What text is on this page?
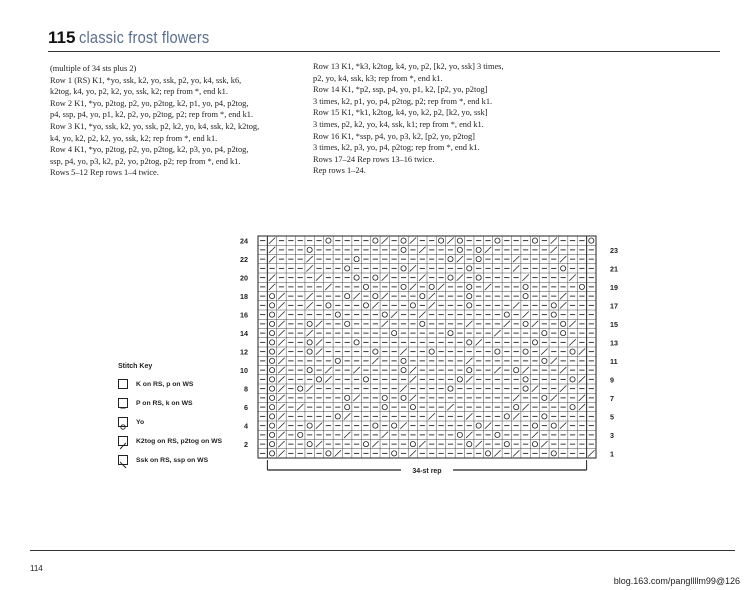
115 classic frost flowers

(multiple of 34 sts plus 2)

Row 1 (RS) K1, *yo, ssk, k2, yo, ssk, p2, yo, k4, ssk, k6,

k2tog, k4, yo, p2, k2, yo, ssk, k2; rep from *, end k1.

Row 2 K1, *yo, p2tog, p2, yo, p2tog, k2, p1, yo, p4, p2tog,

p4, ssp, p4, yo, p1, k2, p2, yo, p2tog, p2; rep from *, end k1.

Row 3 K1, *yo, ssk, k2, yo, ssk, p2, k2, yo, k4, ssk, k2, k2tog,

k4, yo, k2, p2, k2, yo, ssk, k2; rep from *, end k1.

Row 4 K1, *yo, p2tog, p2, yo, p2tog, k2, p3, yo, p4, p2tog,

ssp, p4, yo, p3, k2, p2, yo, p2tog, p2; rep from *, end k1.

Rows 5–12 Rep rows 1–4 twice.

Row 13 K1, *k3, k2tog, k4, yo, p2, [k2, yo, ssk] 3 times,

p2, yo, k4, ssk, k3; rep from *, end k1.

Row 14 K1, *p2, ssp, p4, yo, p1, k2, [p2, yo, p2tog]

3 times, k2, p1, yo, p4, p2tog, p2; rep from *, end k1.

Row 15 K1, *k1, k2tog, k4, yo, k2, p2, [k2, yo, ssk]

3 times, p2, k2, yo, k4, ssk, k1; rep from *, end k1.

Row 16 K1, *ssp, p4, yo, p3, k2, [p2, yo, p2tog]

3 times, k2, p3, yo, p4, p2tog; rep from *, end k1.

Rows 17–24 Rep rows 13–16 twice.

Rep rows 1–24.

Stitch Key
K on RS, p on WS
P on RS, k on WS
Yo
K2tog on RS, p2tog on WS
Ssk on RS, ssp on WS
24
22
20
18
16
14
12
10
8
6
4
2
23
21
19
17
15
13
11
9
7
5
3
1
34-st rep
114
blog.163.com/pangllllm99@126
